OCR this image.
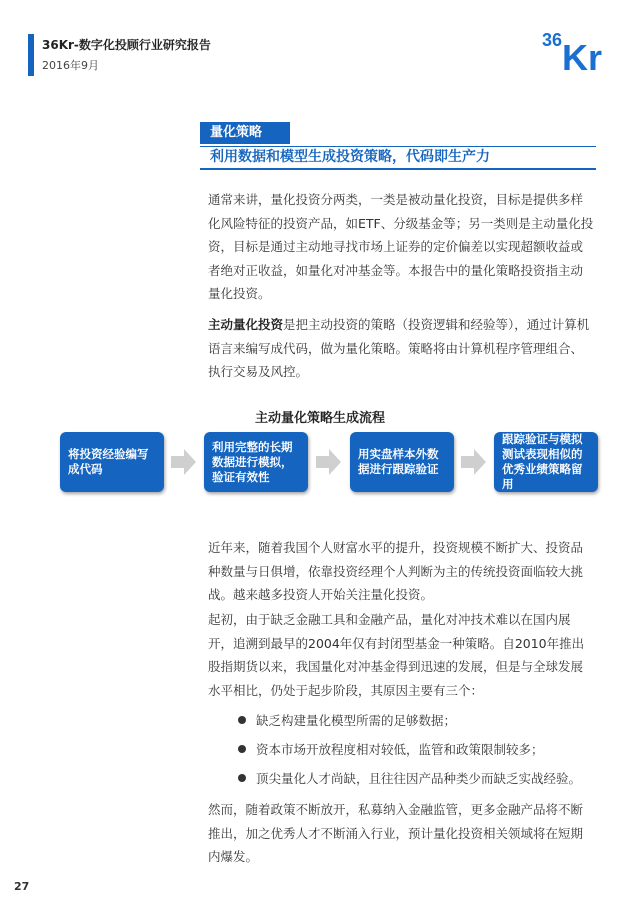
36Kr-数字化投顾行业研究报告
2016年9月
36 Kr
量化策略
利用数据和模型生成投资策略，代码即生产力

通常来讲，量化投资分两类，一类是被动量化投资，目标是提供多样化风险特征的投资产品，如ETF、分级基金等；另一类则是主动量化投资，目标是通过主动地寻找市场上证券的定价偏差以实现超额收益或者绝对正收益，如量化对冲基金等。本报告中的量化策略投资指主动量化投资。

主动量化投资是把主动投资的策略（投资逻辑和经验等），通过计算机语言来编写成代码，做为量化策略。策略将由计算机程序管理组合、执行交易及风控。

主动量化策略生成流程
将投资经验编写成代码
利用完整的长期数据进行模拟，验证有效性
用实盘样本外数据进行跟踪验证
跟踪验证与模拟测试表现相似的优秀业绩策略留用

近年来，随着我国个人财富水平的提升，投资规模不断扩大、投资品种数量与日俱增，依靠投资经理个人判断为主的传统投资面临较大挑战。越来越多投资人开始关注量化投资。

起初，由于缺乏金融工具和金融产品，量化对冲技术难以在国内展开，追溯到最早的2004年仅有封闭型基金一种策略。自2010年推出股指期货以来，我国量化对冲基金得到迅速的发展，但是与全球发展水平相比，仍处于起步阶段，其原因主要有三个：

缺乏构建量化模型所需的足够数据；
资本市场开放程度相对较低，监管和政策限制较多；
顶尖量化人才尚缺，且往往因产品种类少而缺乏实战经验。

然而，随着政策不断放开，私募纳入金融监管，更多金融产品将不断推出，加之优秀人才不断涌入行业，预计量化投资相关领域将在短期内爆发。

27
